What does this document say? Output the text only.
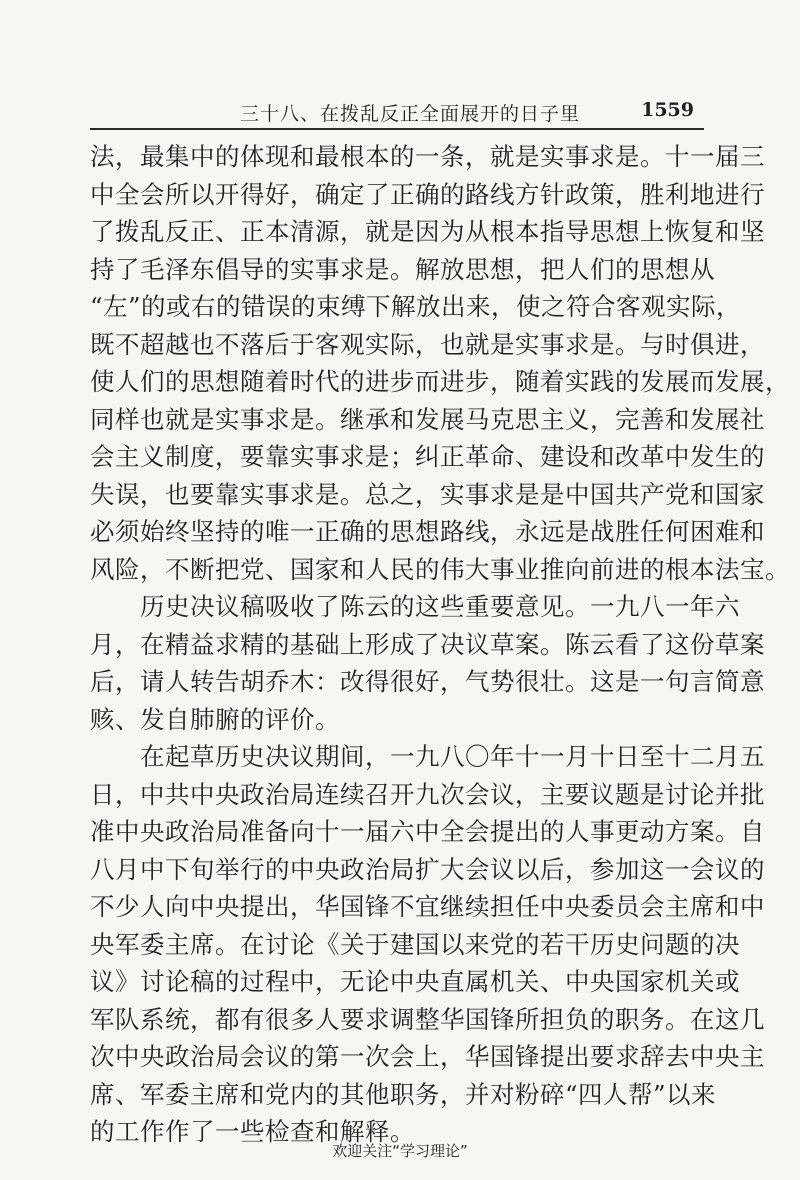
三十八、在拨乱反正全面展开的日子里	1559
法，最集中的体现和最根本的一条，就是实事求是。十一届三
中全会所以开得好，确定了正确的路线方针政策，胜利地进行
了拨乱反正、正本清源，就是因为从根本指导思想上恢复和坚
持了毛泽东倡导的实事求是。解放思想，把人们的思想从
“左”的或右的错误的束缚下解放出来，使之符合客观实际，
既不超越也不落后于客观实际，也就是实事求是。与时俱进，
使人们的思想随着时代的进步而进步，随着实践的发展而发展，
同样也就是实事求是。继承和发展马克思主义，完善和发展社
会主义制度，要靠实事求是；纠正革命、建设和改革中发生的
失误，也要靠实事求是。总之，实事求是是中国共产党和国家
必须始终坚持的唯一正确的思想路线，永远是战胜任何困难和
风险，不断把党、国家和人民的伟大事业推向前进的根本法宝。
　　历史决议稿吸收了陈云的这些重要意见。一九八一年六
月，在精益求精的基础上形成了决议草案。陈云看了这份草案
后，请人转告胡乔木：改得很好，气势很壮。这是一句言简意
赅、发自肺腑的评价。
　　在起草历史决议期间，一九八〇年十一月十日至十二月五
日，中共中央政治局连续召开九次会议，主要议题是讨论并批
准中央政治局准备向十一届六中全会提出的人事更动方案。自
八月中下旬举行的中央政治局扩大会议以后，参加这一会议的
不少人向中央提出，华国锋不宜继续担任中央委员会主席和中
央军委主席。在讨论《关于建国以来党的若干历史问题的决
议》讨论稿的过程中，无论中央直属机关、中央国家机关或
军队系统，都有很多人要求调整华国锋所担负的职务。在这几
次中央政治局会议的第一次会上，华国锋提出要求辞去中央主
席、军委主席和党内的其他职务，并对粉碎“四人帮”以来
的工作作了一些检查和解释。
欢迎关注“学习理论”
